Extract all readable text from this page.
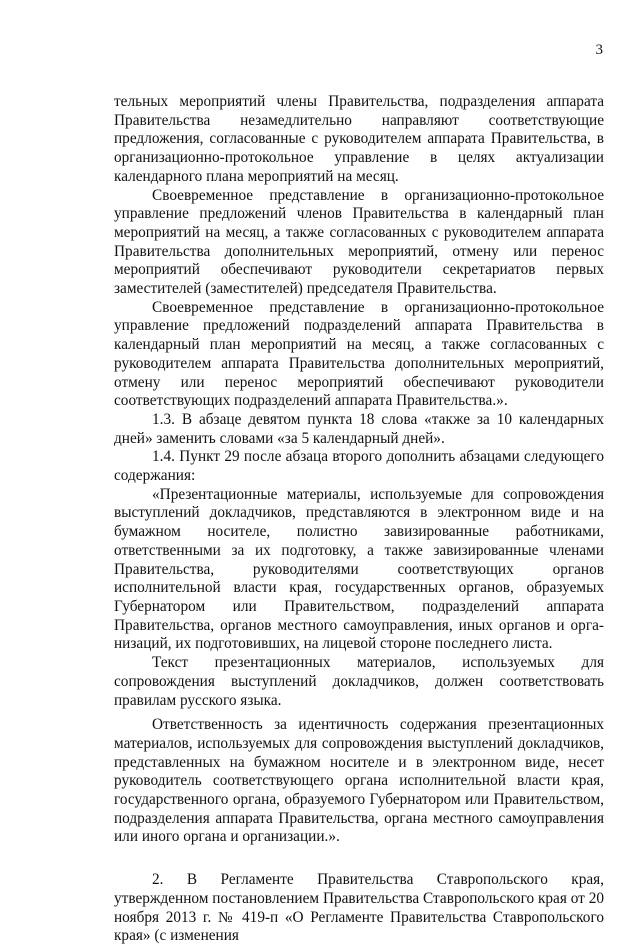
3

тельных мероприятий члены Правительства, подразделения аппарата Правительства незамедлительно направляют соответствующие предложения, согласованные с руководителем аппарата Правительства, в организационно-протокольное управление в целях актуализации календарного плана мероприятий на месяц.

Своевременное представление в организационно-протокольное управление предложений членов Правительства в календарный план мероприятий на месяц, а также согласованных с руководителем аппарата Правительства дополнительных мероприятий, отмену или перенос мероприятий обеспечивают руководители секретариатов первых заместителей (заместителей) председателя Правительства.

Своевременное представление в организационно-протокольное управление предложений подразделений аппарата Правительства в календарный план мероприятий на месяц, а также согласованных с руководителем аппарата Правительства дополнительных мероприятий, отмену или перенос мероприятий обеспечивают руководители соответствующих подразделений аппарата Правительства.».

1.3. В абзаце девятом пункта 18 слова «также за 10 календарных дней» заменить словами «за 5 календарный дней».

1.4. Пункт 29 после абзаца второго дополнить абзацами следующего содержания:

«Презентационные материалы, используемые для сопровождения выступлений докладчиков, представляются в электронном виде и на бумажном носителе, полистно завизированные работниками, ответственными за их подготовку, а также завизированные членами Правительства, руководителями соответствующих органов исполнительной власти края, государственных органов, образуемых Губернатором или Правительством, подразделений аппарата Правительства, органов местного самоуправления, иных органов и организаций, их подготовивших, на лицевой стороне последнего листа.

Текст презентационных материалов, используемых для сопровождения выступлений докладчиков, должен соответствовать правилам русского языка.

Ответственность за идентичность содержания презентационных материалов, используемых для сопровождения выступлений докладчиков, представленных на бумажном носителе и в электронном виде, несет руководитель соответствующего органа исполнительной власти края, государственного органа, образуемого Губернатором или Правительством, подразделения аппарата Правительства, органа местного самоуправления или иного органа и организации.».

2. В Регламенте Правительства Ставропольского края, утвержденном постановлением Правительства Ставропольского края от 20 ноября 2013 г. № 419-п «О Регламенте Правительства Ставропольского края» (с изменения
